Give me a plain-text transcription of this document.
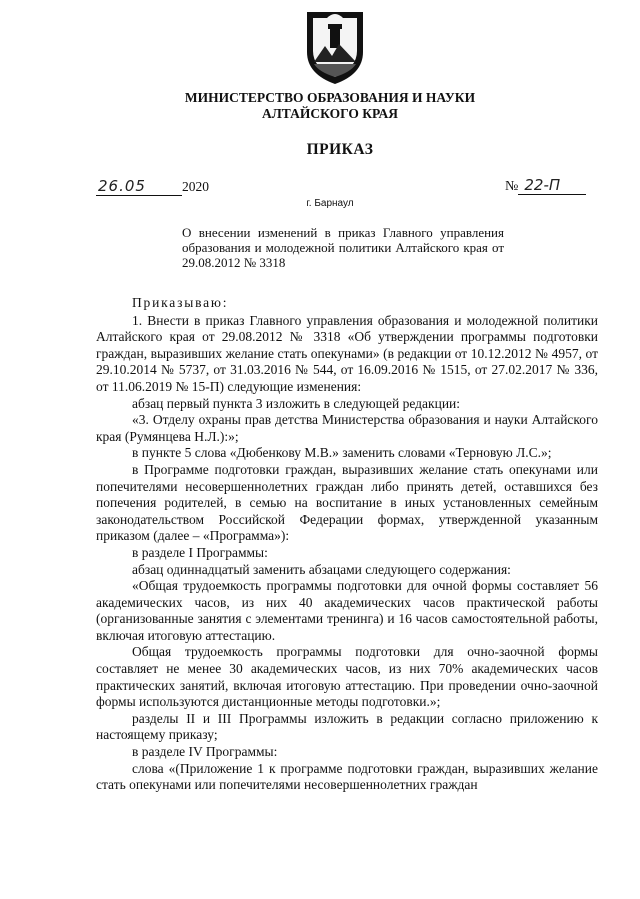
МИНИСТЕРСТВО ОБРАЗОВАНИЯ И НАУКИ
АЛТАЙСКОГО КРАЯ
ПРИКАЗ
26.05	2020	№ 22-П
г. Барнаул
О внесении изменений в приказ Главного управления образования и молодежной политики Алтайского края от 29.08.2012 № 3318

Приказываю:

1. Внести в приказ Главного управления образования и молодежной политики Алтайского края от 29.08.2012 № 3318 «Об утверждении программы подготовки граждан, выразивших желание стать опекунами» (в редакции от 10.12.2012 № 4957, от 29.10.2014 № 5737, от 31.03.2016 № 544, от 16.09.2016 № 1515, от 27.02.2017 № 336, от 11.06.2019 № 15-П) следующие изменения:

абзац первый пункта 3 изложить в следующей редакции:

«3. Отделу охраны прав детства Министерства образования и науки Алтайского края (Румянцева Н.Л.):»;

в пункте 5 слова «Дюбенкову М.В.» заменить словами «Терновую Л.С.»;

в Программе подготовки граждан, выразивших желание стать опекунами или попечителями несовершеннолетних граждан либо принять детей, оставшихся без попечения родителей, в семью на воспитание в иных установленных семейным законодательством Российской Федерации формах, утвержденной указанным приказом (далее – «Программа»):

в разделе I Программы:

абзац одиннадцатый заменить абзацами следующего содержания:

«Общая трудоемкость программы подготовки для очной формы составляет 56 академических часов, из них 40 академических часов практической работы (организованные занятия с элементами тренинга) и 16 часов самостоятельной работы, включая итоговую аттестацию.

Общая трудоемкость программы подготовки для очно-заочной формы составляет не менее 30 академических часов, из них 70% академических часов практических занятий, включая итоговую аттестацию. При проведении очно-заочной формы используются дистанционные методы подготовки.»;

разделы II и III Программы изложить в редакции согласно приложению к настоящему приказу;

в разделе IV Программы:

слова «(Приложение 1 к программе подготовки граждан, выразивших желание стать опекунами или попечителями несовершеннолетних граждан
